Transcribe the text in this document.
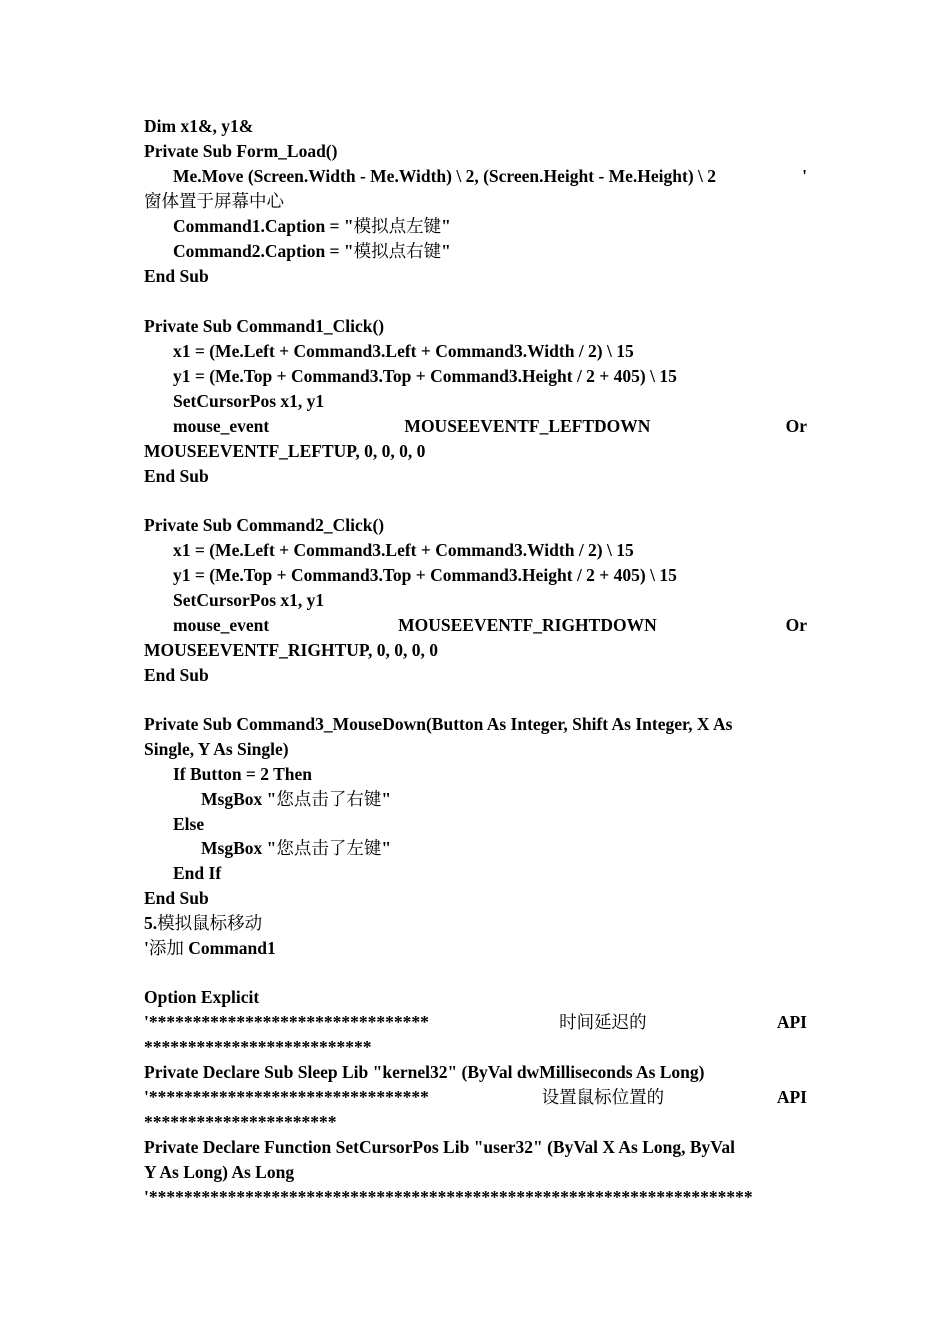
Dim x1&, y1&
Private Sub Form_Load()
Me.Move (Screen.Width - Me.Width) \ 2, (Screen.Height - Me.Height) \ 2	'
窗体置于屏幕中心
Command1.Caption = "模拟点左键"
Command2.Caption = "模拟点右键"
End Sub
Private Sub Command1_Click()
x1 = (Me.Left + Command3.Left + Command3.Width / 2) \ 15
y1 = (Me.Top + Command3.Top + Command3.Height / 2 + 405) \ 15
SetCursorPos x1, y1
mouse_event	MOUSEEVENTF_LEFTDOWN	Or
MOUSEEVENTF_LEFTUP, 0, 0, 0, 0
End Sub
Private Sub Command2_Click()
x1 = (Me.Left + Command3.Left + Command3.Width / 2) \ 15
y1 = (Me.Top + Command3.Top + Command3.Height / 2 + 405) \ 15
SetCursorPos x1, y1
mouse_event	MOUSEEVENTF_RIGHTDOWN	Or
MOUSEEVENTF_RIGHTUP, 0, 0, 0, 0
End Sub
Private Sub Command3_MouseDown(Button As Integer, Shift As Integer, X As
Single, Y As Single)
If Button = 2 Then
MsgBox "您点击了右键"
Else
MsgBox "您点击了左键"
End If
End Sub
5.模拟鼠标移动
'添加 Command1
Option Explicit
'********************************	时间延迟的	API
**************************
Private Declare Sub Sleep Lib "kernel32" (ByVal dwMilliseconds As Long)
'********************************	设置鼠标位置的	API
**********************
Private Declare Function SetCursorPos Lib "user32" (ByVal X As Long, ByVal
Y As Long) As Long
'*********************************************************************
